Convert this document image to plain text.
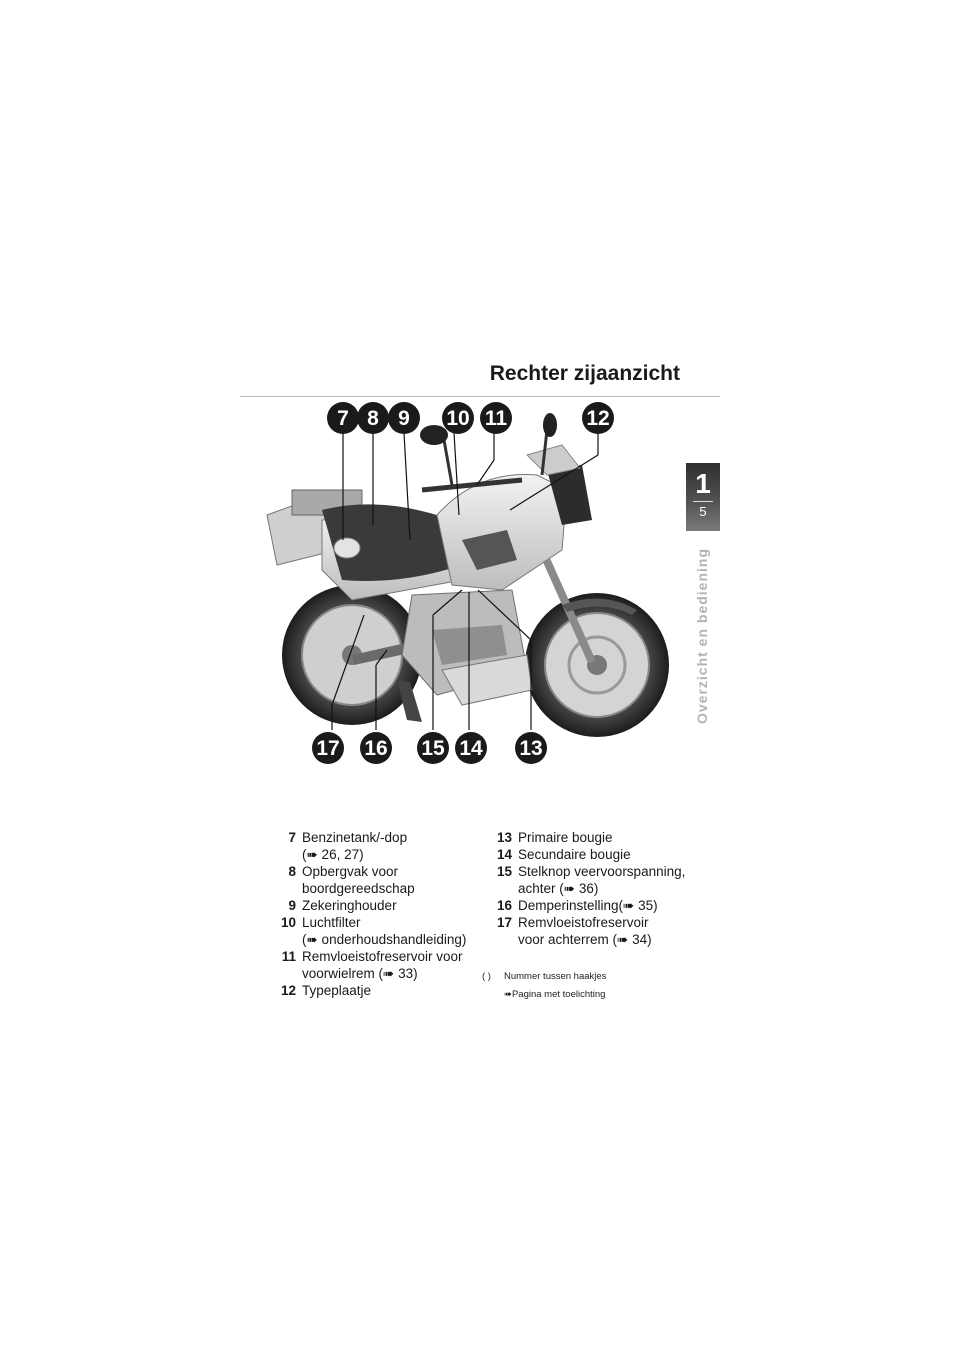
Rechter zijaanzicht
1
5
Overzicht en bediening
7 8 9 10 11	12
17 16 15 14 13
7 Benzinetank/-dop
(➠ 26, 27)
8 Opbergvak voor
boordgereedschap
9 Zekeringhouder
10 Luchtfilter
(➠ onderhoudshandleiding)
11 Remvloeistofreservoir voor
voorwielrem (➠ 33)
12 Typeplaatje
13 Primaire bougie
14 Secundaire bougie
15 Stelknop veervoorspanning,
achter (➠ 36)
16 Demperinstelling(➠ 35)
17 Remvloeistofreservoir
voor achterrem (➠ 34)
( ) Nummer tussen haakjes
➠Pagina met toelichting
